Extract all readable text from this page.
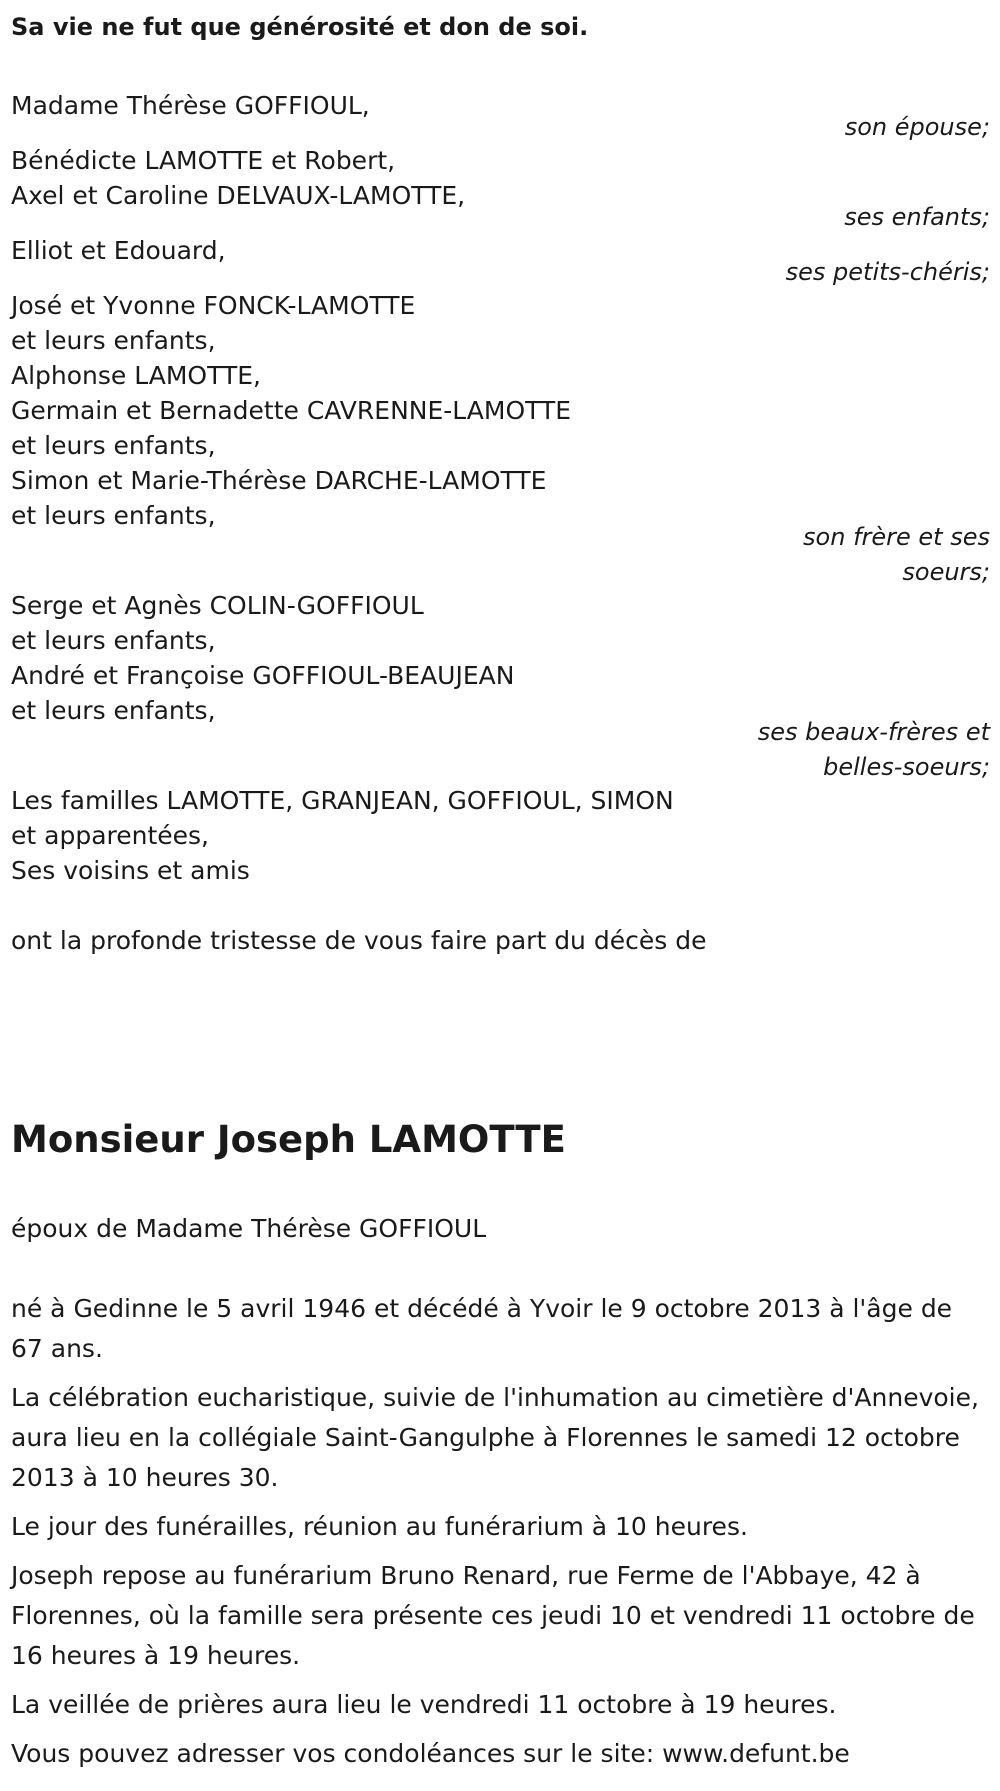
Sa vie ne fut que générosité et don de soi.
Madame Thérèse GOFFIOUL,
son épouse;
Bénédicte LAMOTTE et Robert,
Axel et Caroline DELVAUX-LAMOTTE,
ses enfants;
Elliot et Edouard,
ses petits-chéris;
José et Yvonne FONCK-LAMOTTE
et leurs enfants,
Alphonse LAMOTTE,
Germain et Bernadette CAVRENNE-LAMOTTE
et leurs enfants,
Simon et Marie-Thérèse DARCHE-LAMOTTE
et leurs enfants,
son frère et ses
soeurs;
Serge et Agnès COLIN-GOFFIOUL
et leurs enfants,
André et Françoise GOFFIOUL-BEAUJEAN
et leurs enfants,
ses beaux-frères et
belles-soeurs;
Les familles LAMOTTE, GRANJEAN, GOFFIOUL, SIMON
et apparentées,
Ses voisins et amis
ont la profonde tristesse de vous faire part du décès de
Monsieur Joseph LAMOTTE
époux de Madame Thérèse GOFFIOUL
né à Gedinne le 5 avril 1946 et décédé à Yvoir le 9 octobre 2013 à l'âge de 67 ans.
La célébration eucharistique, suivie de l'inhumation au cimetière d'Annevoie, aura lieu en la collégiale Saint-Gangulphe à Florennes le samedi 12 octobre 2013 à 10 heures 30.
Le jour des funérailles, réunion au funérarium à 10 heures.
Joseph repose au funérarium Bruno Renard, rue Ferme de l'Abbaye, 42 à Florennes, où la famille sera présente ces jeudi 10 et vendredi 11 octobre de 16 heures à 19 heures.
La veillée de prières aura lieu le vendredi 11 octobre à 19 heures.
Vous pouvez adresser vos condoléances sur le site: www.defunt.be
